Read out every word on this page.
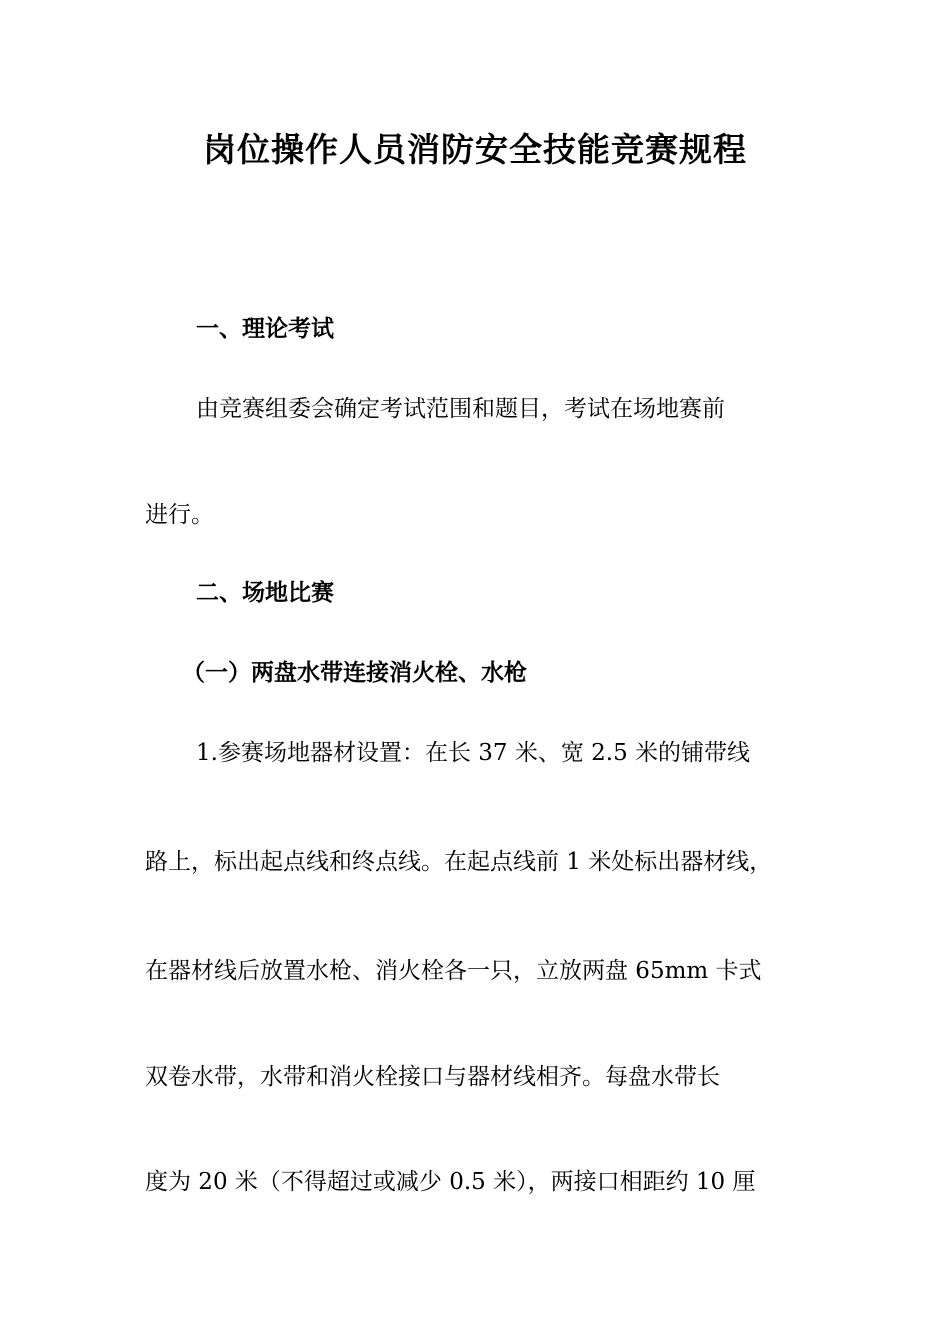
岗位操作人员消防安全技能竞赛规程
一、理论考试
由竞赛组委会确定考试范围和题目，考试在场地赛前
进行。
二、场地比赛
（一）两盘水带连接消火栓、水枪
1.参赛场地器材设置：在长 37 米、宽 2.5 米的铺带线
路上，标出起点线和终点线。在起点线前 1 米处标出器材线，
在器材线后放置水枪、消火栓各一只，立放两盘 65mm 卡式
双卷水带，水带和消火栓接口与器材线相齐。每盘水带长
度为 20 米（不得超过或减少 0.5 米），两接口相距约 10 厘
